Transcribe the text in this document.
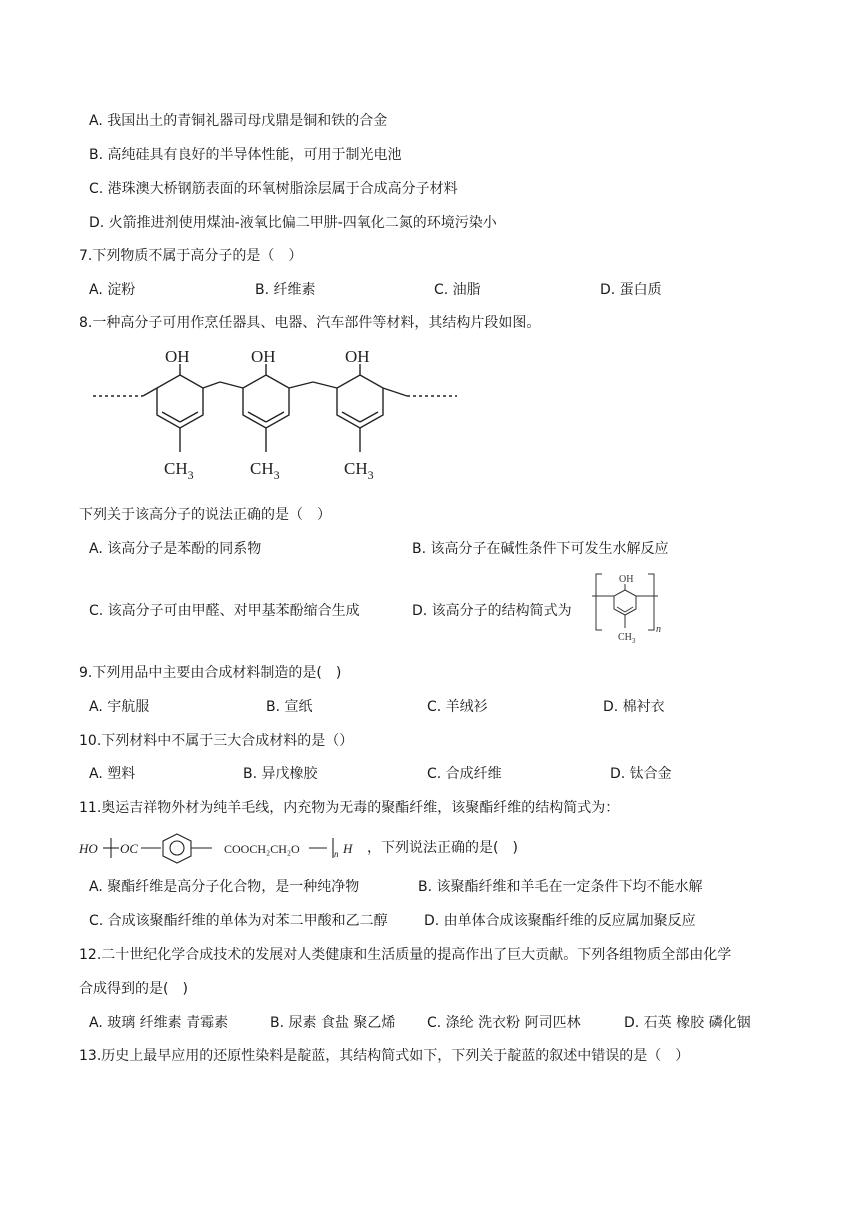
A. 我国出土的青铜礼器司母戊鼎是铜和铁的合金
B. 高纯硅具有良好的半导体性能，可用于制光电池
C. 港珠澳大桥钢筋表面的环氧树脂涂层属于合成高分子材料
D. 火箭推进剂使用煤油-液氧比偏二甲肼-四氧化二氮的环境污染小
7.下列物质不属于高分子的是（　）
A. 淀粉	B. 纤维素	C. 油脂	D. 蛋白质
8.一种高分子可用作烹任器具、电器、汽车部件等材料，其结构片段如图。
OH	OH	OH
$CH_3$	$CH_3$	$CH_3$
下列关于该高分子的说法正确的是（　）
A. 该高分子是苯酚的同系物	B. 该高分子在碱性条件下可发生水解反应
C. 该高分子可由甲醛、对甲基苯酚缩合生成	D. 该高分子的结构简式为
OH
$CH_3$
n
9.下列用品中主要由合成材料制造的是(　)
A. 宇航服	B. 宣纸	C. 羊绒衫	D. 棉衬衣
10.下列材料中不属于三大合成材料的是（）
A. 塑料	B. 异戊橡胶	C. 合成纤维	D. 钛合金
11.奥运吉祥物外材为纯羊毛线，内充物为无毒的聚酯纤维，该聚酯纤维的结构简式为：
HO OC	COOCH₂CH₂O	n H ，下列说法正确的是(　)
A. 聚酯纤维是高分子化合物，是一种纯净物	B. 该聚酯纤维和羊毛在一定条件下均不能水解
C. 合成该聚酯纤维的单体为对苯二甲酸和乙二醇	D. 由单体合成该聚酯纤维的反应属加聚反应
12.二十世纪化学合成技术的发展对人类健康和生活质量的提高作出了巨大贡献。下列各组物质全部由化学
合成得到的是(　)
A. 玻璃 纤维素 青霉素	B. 尿素 食盐 聚乙烯 C. 涤纶 洗衣粉 阿司匹林	D. 石英 橡胶 磷化铟
13.历史上最早应用的还原性染料是靛蓝，其结构简式如下，下列关于靛蓝的叙述中错误的是（　）
